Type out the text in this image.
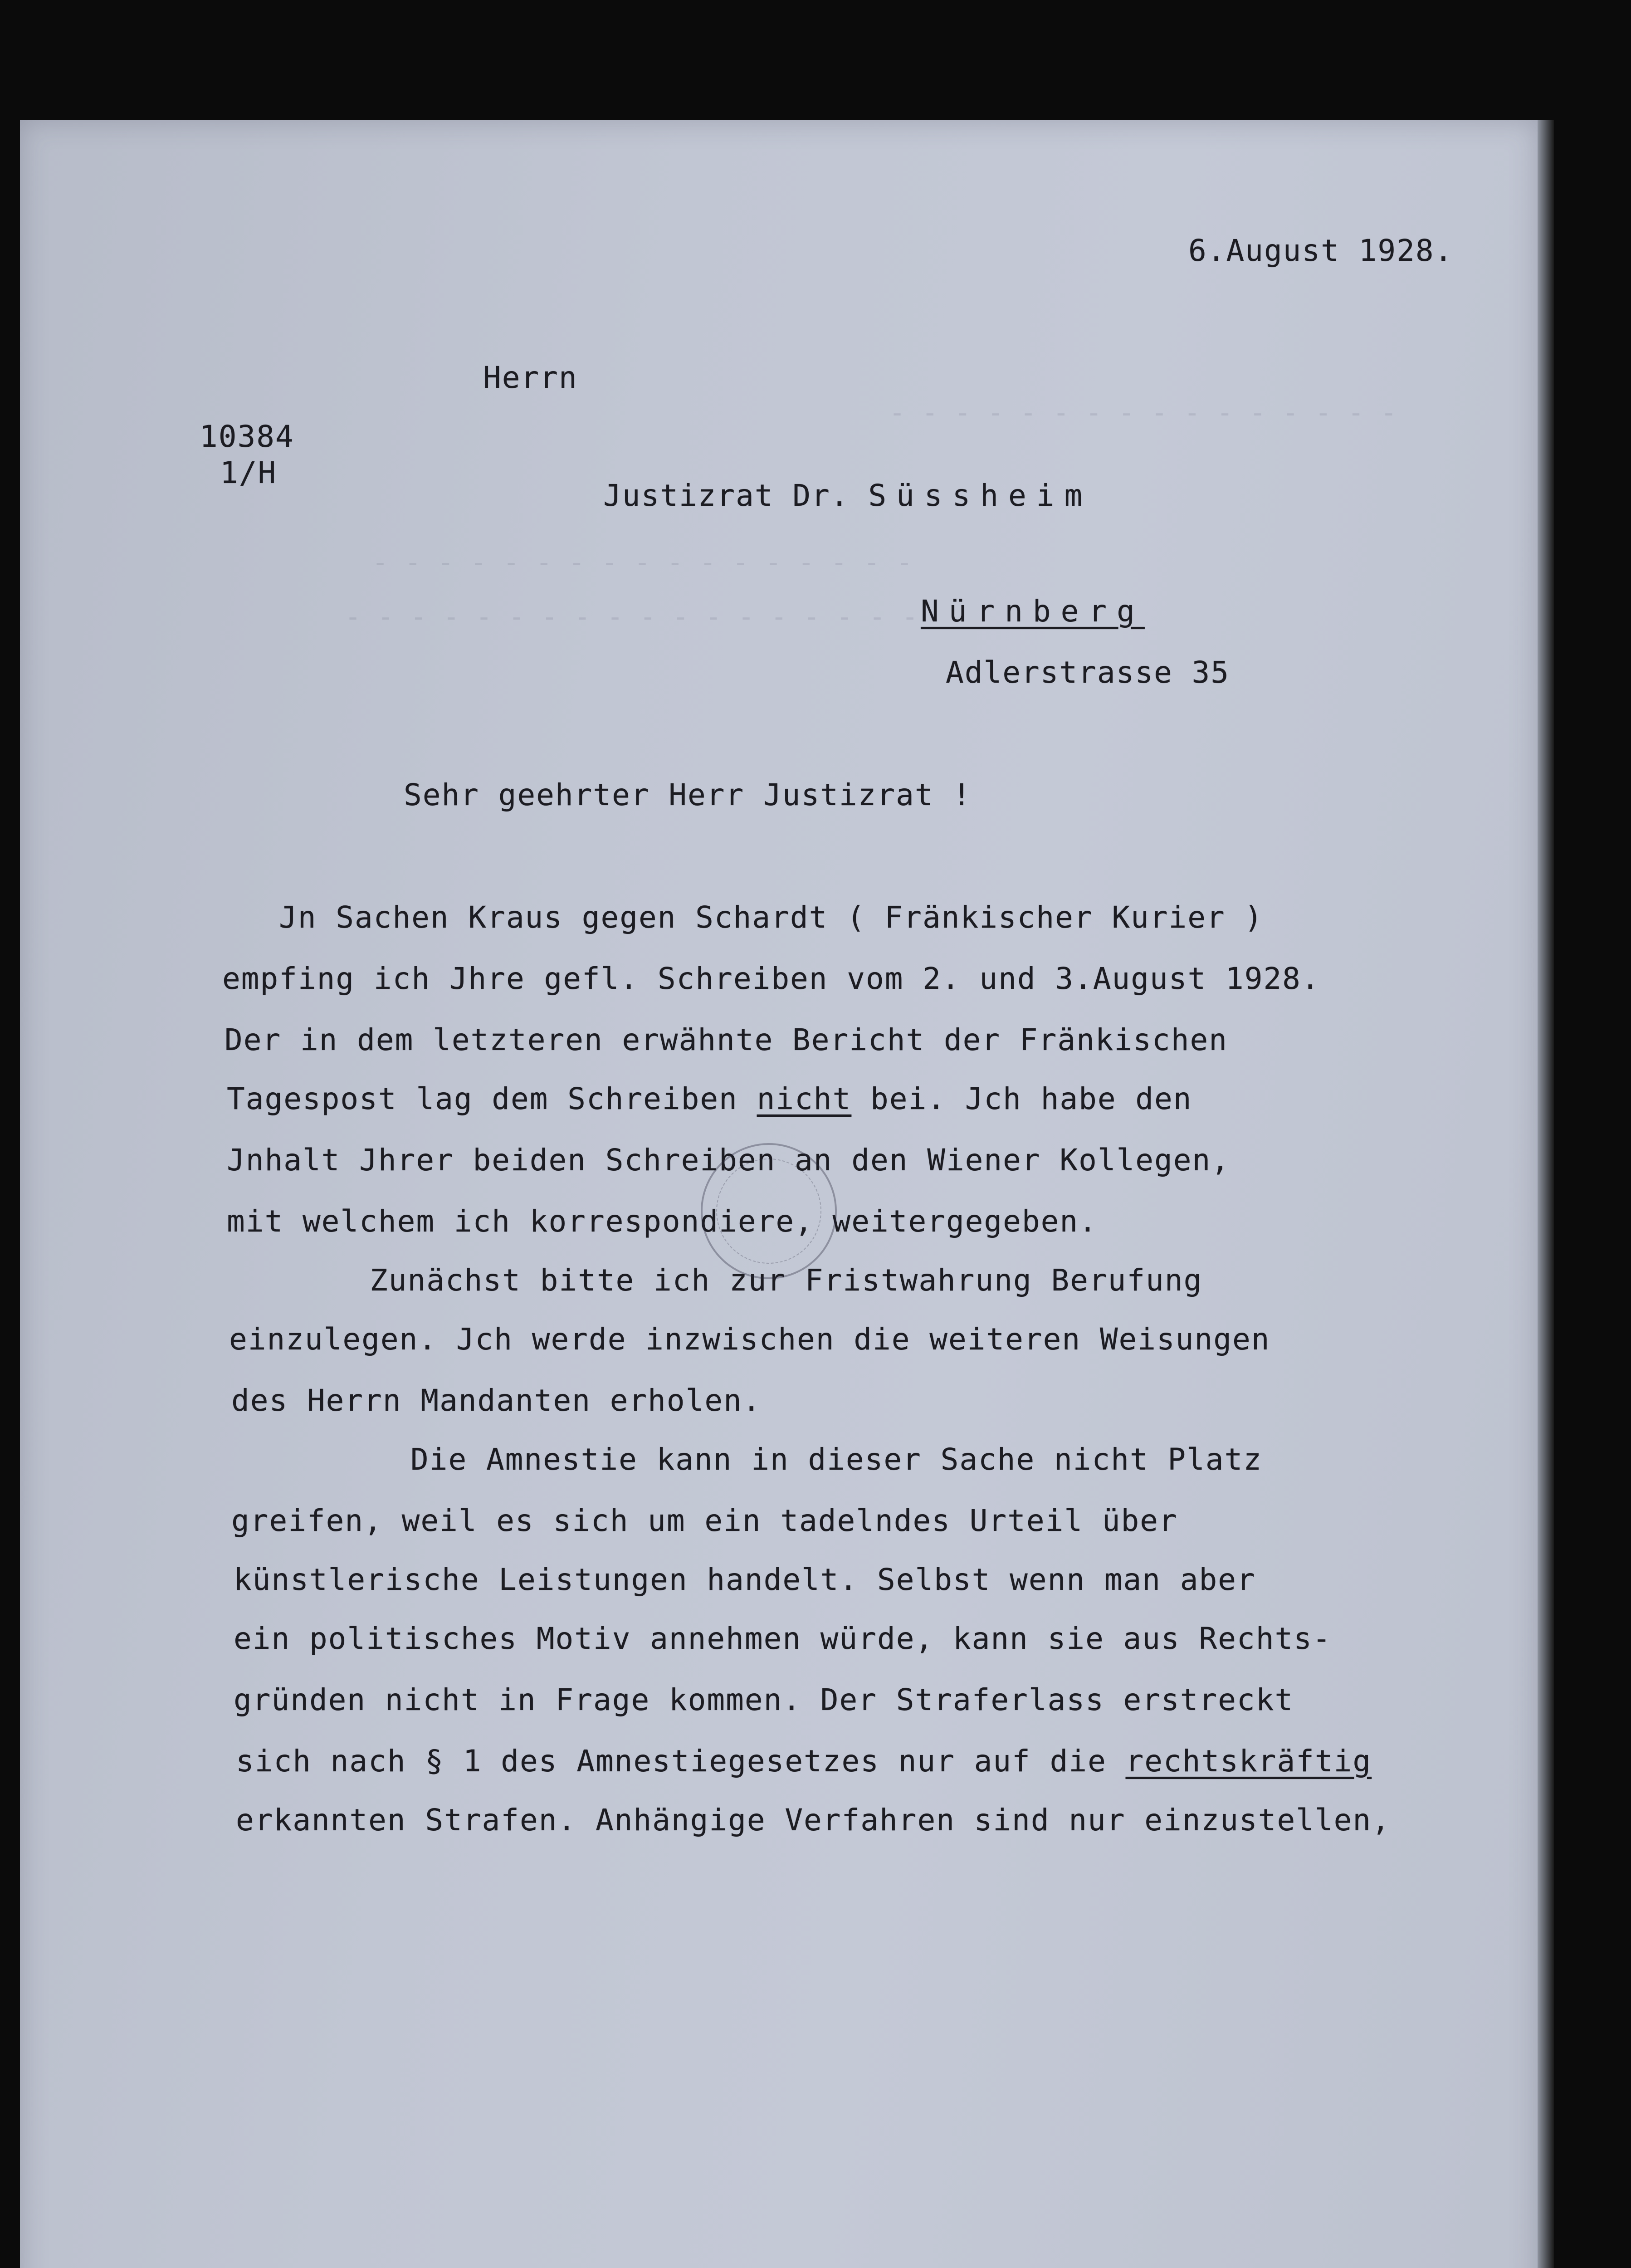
- - - - - - - - - - - - - - - -
- - - - - - - - - - - - - - - - -
- - - - - - - - - - - - - - - - - -
6.August 1928.
Herrn
10384
1/H
Justizrat Dr. Süssheim
Nürnberg
Adlerstrasse 35
Sehr geehrter Herr Justizrat !
Jn Sachen Kraus gegen Schardt ( Fränkischer Kurier )
empfing ich Jhre gefl. Schreiben vom 2. und 3.August 1928.
Der in dem letzteren erwähnte Bericht der Fränkischen
Tagespost lag dem Schreiben nicht bei. Jch habe den
Jnhalt Jhrer beiden Schreiben an den Wiener Kollegen,
mit welchem ich korrespondiere, weitergegeben.
Zunächst bitte ich zur Fristwahrung Berufung
einzulegen. Jch werde inzwischen die weiteren Weisungen
des Herrn Mandanten erholen.
Die Amnestie kann in dieser Sache nicht Platz
greifen, weil es sich um ein tadelndes Urteil über
künstlerische Leistungen handelt. Selbst wenn man aber
ein politisches Motiv annehmen würde, kann sie aus Rechts-
gründen nicht in Frage kommen. Der Straferlass erstreckt
sich nach § 1 des Amnestiegesetzes nur auf die rechtskräftig
erkannten Strafen. Anhängige Verfahren sind nur einzustellen,
